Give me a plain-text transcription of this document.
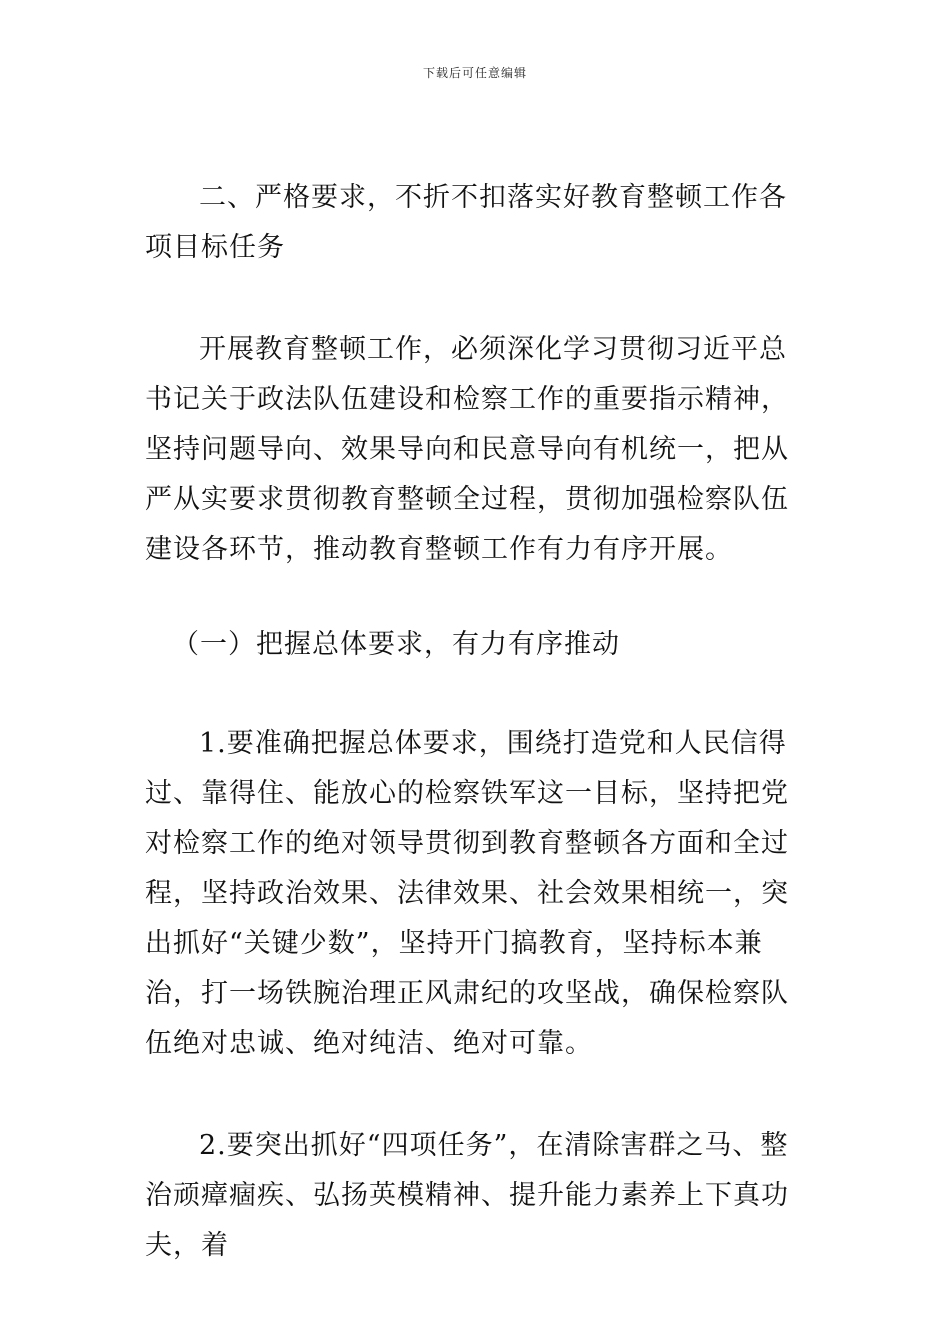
下载后可任意编辑

二、严格要求，不折不扣落实好教育整顿工作各项目标任务

开展教育整顿工作，必须深化学习贯彻习近平总书记关于政法队伍建设和检察工作的重要指示精神，坚持问题导向、效果导向和民意导向有机统一，把从严从实要求贯彻教育整顿全过程，贯彻加强检察队伍建设各环节，推动教育整顿工作有力有序开展。

（一）把握总体要求，有力有序推动

1.要准确把握总体要求，围绕打造党和人民信得过、靠得住、能放心的检察铁军这一目标，坚持把党对检察工作的绝对领导贯彻到教育整顿各方面和全过程，坚持政治效果、法律效果、社会效果相统一，突出抓好“关键少数”，坚持开门搞教育，坚持标本兼治，打一场铁腕治理正风肃纪的攻坚战，确保检察队伍绝对忠诚、绝对纯洁、绝对可靠。

2.要突出抓好“四项任务”，在清除害群之马、整治顽瘴痼疾、弘扬英模精神、提升能力素养上下真功夫，着
